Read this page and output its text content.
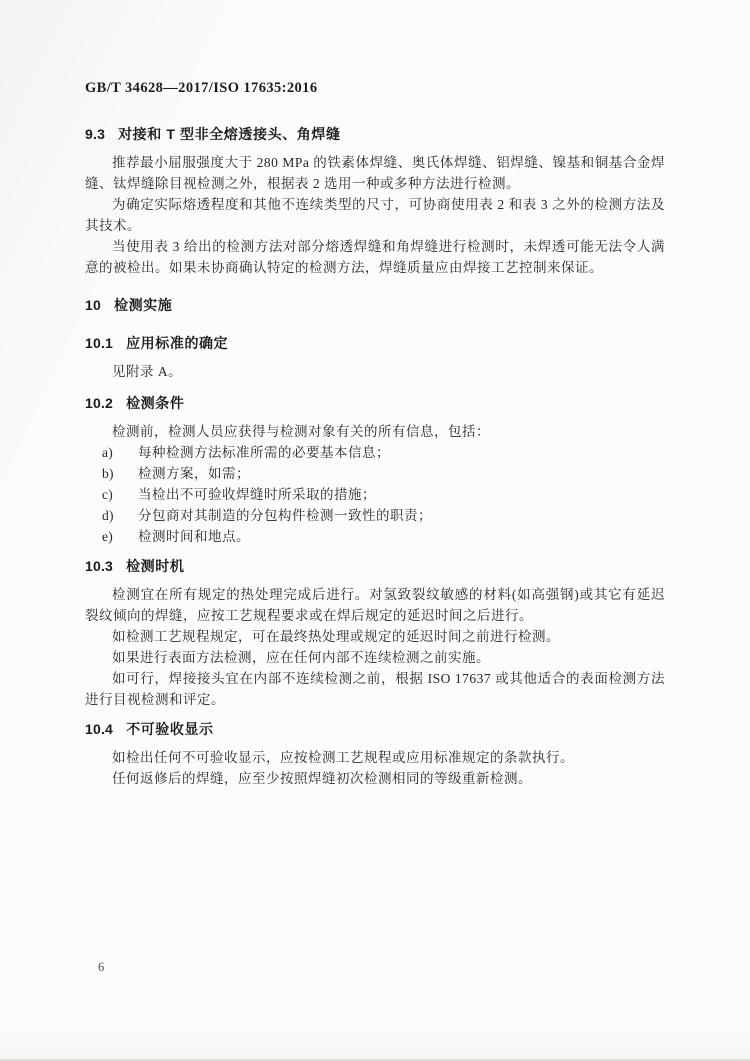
GB/T 34628—2017/ISO 17635:2016
9.3 对接和 T 型非全熔透接头、角焊缝

推荐最小屈服强度大于 280 MPa 的铁素体焊缝、奥氏体焊缝、铝焊缝、镍基和铜基合金焊缝、钛焊缝除目视检测之外，根据表 2 选用一种或多种方法进行检测。

为确定实际熔透程度和其他不连续类型的尺寸，可协商使用表 2 和表 3 之外的检测方法及其技术。

当使用表 3 给出的检测方法对部分熔透焊缝和角焊缝进行检测时，未焊透可能无法令人满意的被检出。如果未协商确认特定的检测方法，焊缝质量应由焊接工艺控制来保证。

10 检测实施
10.1 应用标准的确定

见附录 A。

10.2 检测条件

检测前，检测人员应获得与检测对象有关的所有信息，包括：

a)	每种检测方法标准所需的必要基本信息；
b)	检测方案，如需；
c)	当检出不可验收焊缝时所采取的措施；
d)	分包商对其制造的分包构件检测一致性的职责；
e)	检测时间和地点。
10.3 检测时机

检测宜在所有规定的热处理完成后进行。对氢致裂纹敏感的材料(如高强钢)或其它有延迟裂纹倾向的焊缝，应按工艺规程要求或在焊后规定的延迟时间之后进行。

如检测工艺规程规定，可在最终热处理或规定的延迟时间之前进行检测。

如果进行表面方法检测，应在任何内部不连续检测之前实施。

如可行，焊接接头宜在内部不连续检测之前，根据 ISO 17637 或其他适合的表面检测方法进行目视检测和评定。

10.4 不可验收显示

如检出任何不可验收显示，应按检测工艺规程或应用标准规定的条款执行。

任何返修后的焊缝，应至少按照焊缝初次检测相同的等级重新检测。

6
